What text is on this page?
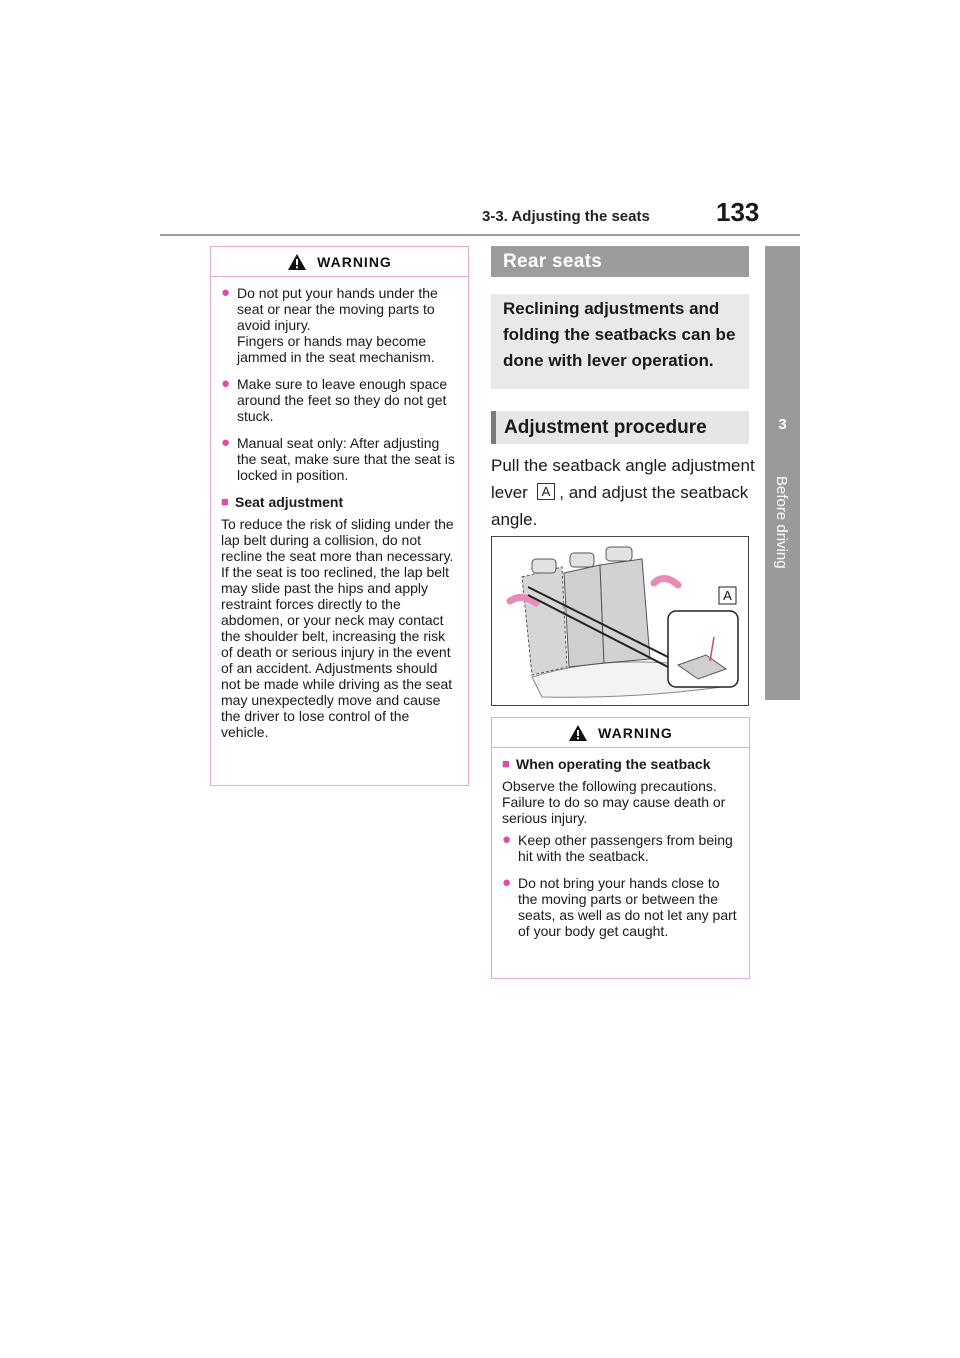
3-3. Adjusting the seats	133
3
Before driving
WARNING
● Do not put your hands under the seat or near the moving parts to avoid injury.
Fingers or hands may become jammed in the seat mechanism.
● Make sure to leave enough space around the feet so they do not get stuck.
● Manual seat only: After adjusting the seat, make sure that the seat is locked in position.
■ Seat adjustment
To reduce the risk of sliding under the lap belt during a collision, do not recline the seat more than necessary.
If the seat is too reclined, the lap belt may slide past the hips and apply restraint forces directly to the abdomen, or your neck may contact the shoulder belt, increasing the risk of death or serious injury in the event of an accident. Adjustments should not be made while driving as the seat may unexpectedly move and cause the driver to lose control of the vehicle.
Rear seats
Reclining adjustments and folding the seatbacks can be done with lever operation.
Adjustment procedure
Pull the seatback angle adjustment lever A , and adjust the seatback angle.
A
WARNING
■ When operating the seatback
Observe the following precautions.
Failure to do so may cause death or serious injury.
● Keep other passengers from being hit with the seatback.
● Do not bring your hands close to the moving parts or between the seats, as well as do not let any part of your body get caught.
